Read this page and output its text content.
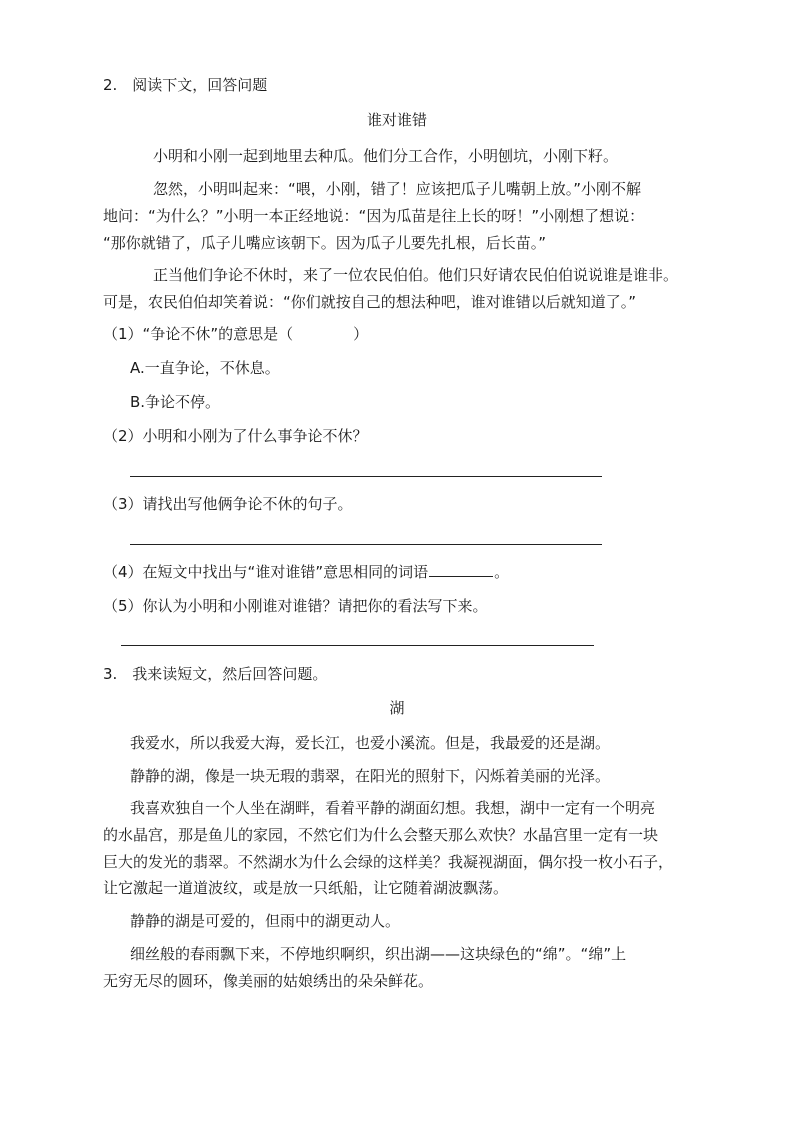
2.　阅读下文，回答问题
谁对谁错
小明和小刚一起到地里去种瓜。他们分工合作，小明刨坑，小刚下籽。
忽然，小明叫起来：“喂，小刚，错了！应该把瓜子儿嘴朝上放。”小刚不解
地问：“为什么？”小明一本正经地说：“因为瓜苗是往上长的呀！”小刚想了想说：
“那你就错了，瓜子儿嘴应该朝下。因为瓜子儿要先扎根，后长苗。”
正当他们争论不休时，来了一位农民伯伯。他们只好请农民伯伯说说谁是谁非。
可是，农民伯伯却笑着说：“你们就按自己的想法种吧，谁对谁错以后就知道了。”
（1）“争论不休”的意思是（　　　　）
A.一直争论，不休息。
B.争论不停。
（2）小明和小刚为了什么事争论不休？
（3）请找出写他俩争论不休的句子。
（4）在短文中找出与“谁对谁错”意思相同的词语	。
（5）你认为小明和小刚谁对谁错？请把你的看法写下来。
3.　我来读短文，然后回答问题。
湖
我爱水，所以我爱大海，爱长江，也爱小溪流。但是，我最爱的还是湖。
静静的湖，像是一块无瑕的翡翠，在阳光的照射下，闪烁着美丽的光泽。
我喜欢独自一个人坐在湖畔，看着平静的湖面幻想。我想，湖中一定有一个明亮
的水晶宫，那是鱼儿的家园，不然它们为什么会整天那么欢快？水晶宫里一定有一块
巨大的发光的翡翠。不然湖水为什么会绿的这样美？我凝视湖面，偶尔投一枚小石子，
让它激起一道道波纹，或是放一只纸船，让它随着湖波飘荡。
静静的湖是可爱的，但雨中的湖更动人。
细丝般的春雨飘下来，不停地织啊织，织出湖——这块绿色的“绵”。“绵”上
无穷无尽的圆环，像美丽的姑娘绣出的朵朵鲜花。
